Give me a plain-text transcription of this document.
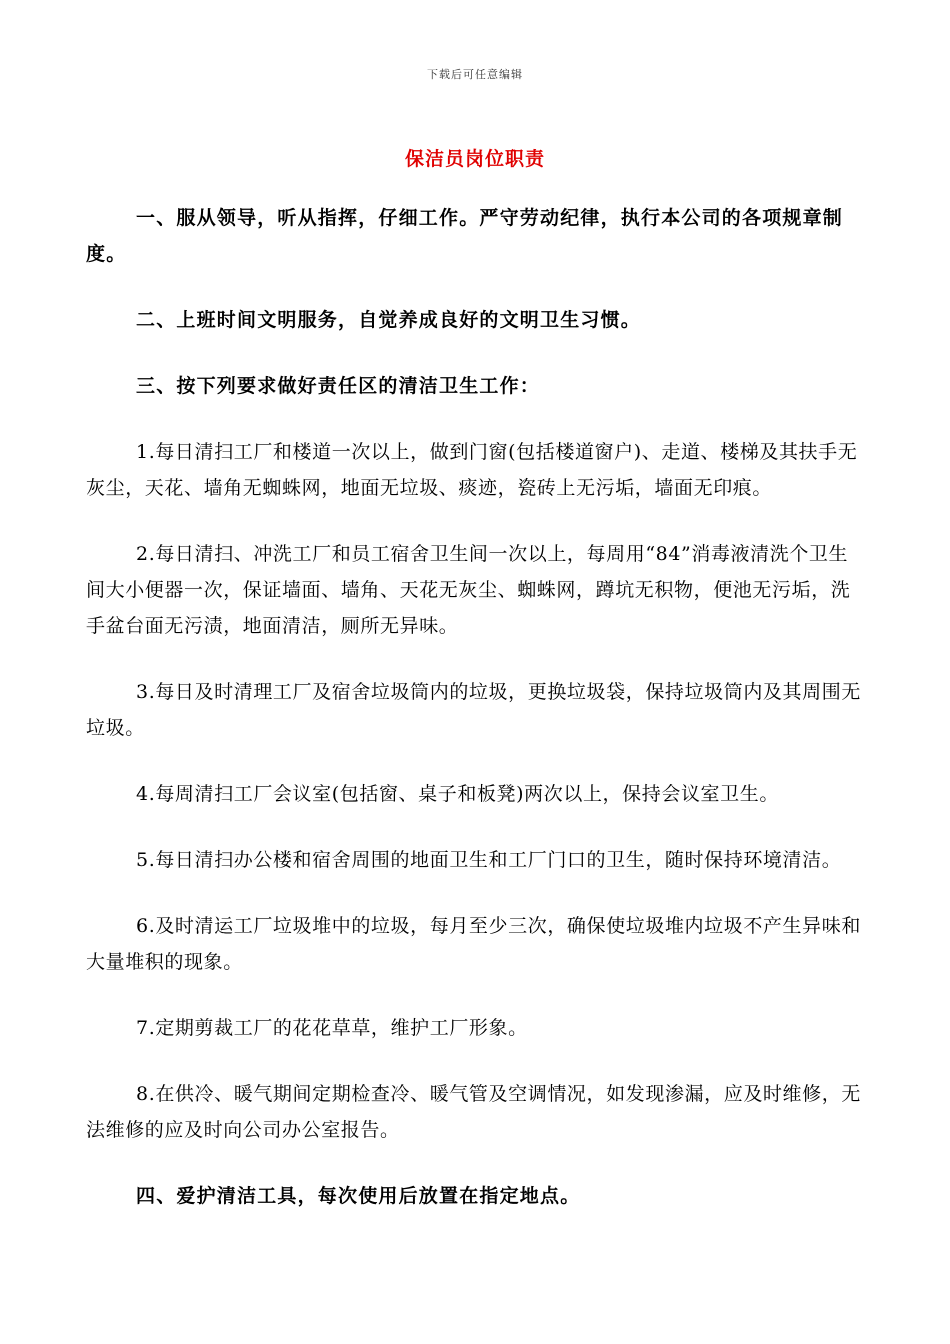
下载后可任意编辑
保洁员岗位职责

一、服从领导，听从指挥，仔细工作。严守劳动纪律，执行本公司的各项规章制度。

二、上班时间文明服务，自觉养成良好的文明卫生习惯。

三、按下列要求做好责任区的清洁卫生工作：

1.每日清扫工厂和楼道一次以上，做到门窗(包括楼道窗户)、走道、楼梯及其扶手无灰尘，天花、墙角无蜘蛛网，地面无垃圾、痰迹，瓷砖上无污垢，墙面无印痕。

2.每日清扫、冲洗工厂和员工宿舍卫生间一次以上，每周用“84”消毒液清洗个卫生间大小便器一次，保证墙面、墙角、天花无灰尘、蜘蛛网，蹲坑无积物，便池无污垢，洗手盆台面无污渍，地面清洁，厕所无异味。

3.每日及时清理工厂及宿舍垃圾筒内的垃圾，更换垃圾袋，保持垃圾筒内及其周围无垃圾。

4.每周清扫工厂会议室(包括窗、桌子和板凳)两次以上，保持会议室卫生。

5.每日清扫办公楼和宿舍周围的地面卫生和工厂门口的卫生，随时保持环境清洁。

6.及时清运工厂垃圾堆中的垃圾，每月至少三次，确保使垃圾堆内垃圾不产生异味和大量堆积的现象。

7.定期剪裁工厂的花花草草，维护工厂形象。

8.在供冷、暖气期间定期检查冷、暖气管及空调情况，如发现渗漏，应及时维修，无法维修的应及时向公司办公室报告。

四、爱护清洁工具，每次使用后放置在指定地点。
